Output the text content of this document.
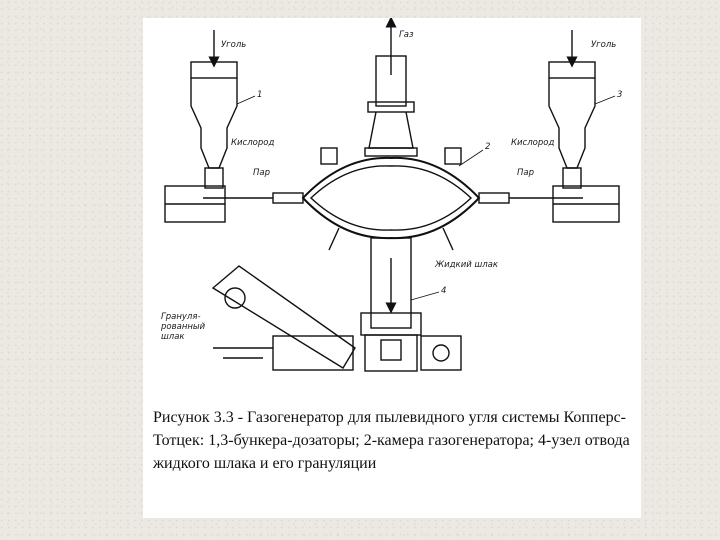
Уголь	Уголь
Газ
Кислород	Кислород
Пар	Пар
Жидкий шлак
Грануля-
рованный
шлак
1
2
3
4

Рисунок 3.3 - Газогенератор для пылевидного угля системы Копперс-Тотцек: 1,3-бункера-дозаторы; 2-камера газогенератора; 4-узел отвода жидкого шлака и его грануляции
